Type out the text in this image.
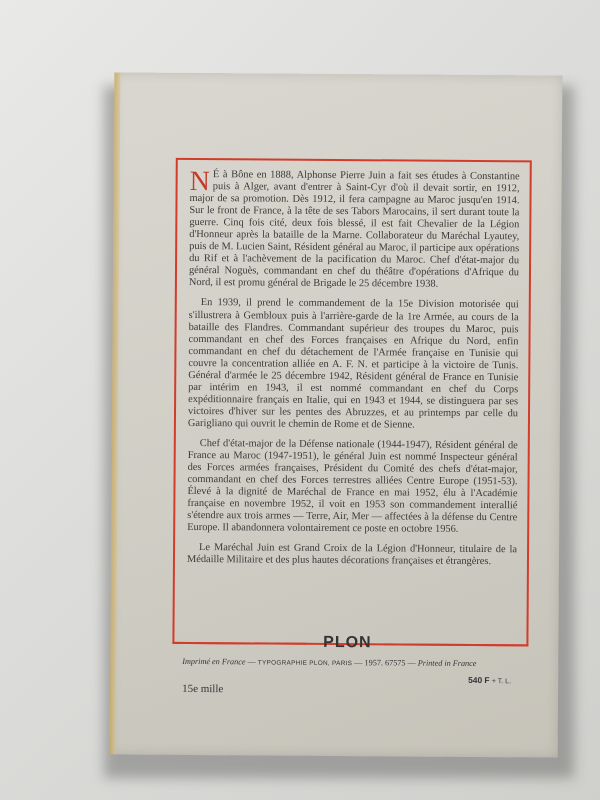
N É à Bône en 1888, Alphonse Pierre Juin a fait ses études à Constantine puis à Alger, avant d'entrer à Saint-Cyr d'où il devait sortir, en 1912, major de sa promotion. Dès 1912, il fera campagne au Maroc jusqu'en 1914. Sur le front de France, à la tête de ses Tabors Marocains, il sert durant toute la guerre. Cinq fois cité, deux fois blessé, il est fait Chevalier de la Légion d'Honneur après la bataille de la Marne. Collaborateur du Maréchal Lyautey, puis de M. Lucien Saint, Résident général au Maroc, il participe aux opérations du Rif et à l'achèvement de la pacification du Maroc. Chef d'état-major du général Noguès, commandant en chef du théâtre d'opérations d'Afrique du Nord, il est promu général de Brigade le 25 décembre 1938.

En 1939, il prend le commandement de la 15e Division motorisée qui s'illustrera à Gembloux puis à l'arrière-garde de la 1re Armée, au cours de la bataille des Flandres. Commandant supérieur des troupes du Maroc, puis commandant en chef des Forces françaises en Afrique du Nord, enfin commandant en chef du détachement de l'Armée française en Tunisie qui couvre la concentration alliée en A. F. N. et participe à la victoire de Tunis. Général d'armée le 25 décembre 1942, Résident général de France en Tunisie par intérim en 1943, il est nommé commandant en chef du Corps expéditionnaire français en Italie, qui en 1943 et 1944, se distinguera par ses victoires d'hiver sur les pentes des Abruzzes, et au printemps par celle du Garigliano qui ouvrit le chemin de Rome et de Sienne.

Chef d'état-major de la Défense nationale (1944-1947), Résident général de France au Maroc (1947-1951), le général Juin est nommé Inspecteur général des Forces armées françaises, Président du Comité des chefs d'état-major, commandant en chef des Forces terrestres alliées Centre Europe (1951-53). Élevé à la dignité de Maréchal de France en mai 1952, élu à l'Académie française en novembre 1952, il voit en 1953 son commandement interallié s'étendre aux trois armes — Terre, Air, Mer — affectées à la défense du Centre Europe. Il abandonnera volontairement ce poste en octobre 1956.

Le Maréchal Juin est Grand Croix de la Légion d'Honneur, titulaire de la Médaille Militaire et des plus hautes décorations françaises et étrangères.

PLON
Imprimé en France — TYPOGRAPHIE PLON, PARIS — 1957. 67575 — Printed in France
15e mille
540 F + T. L.
